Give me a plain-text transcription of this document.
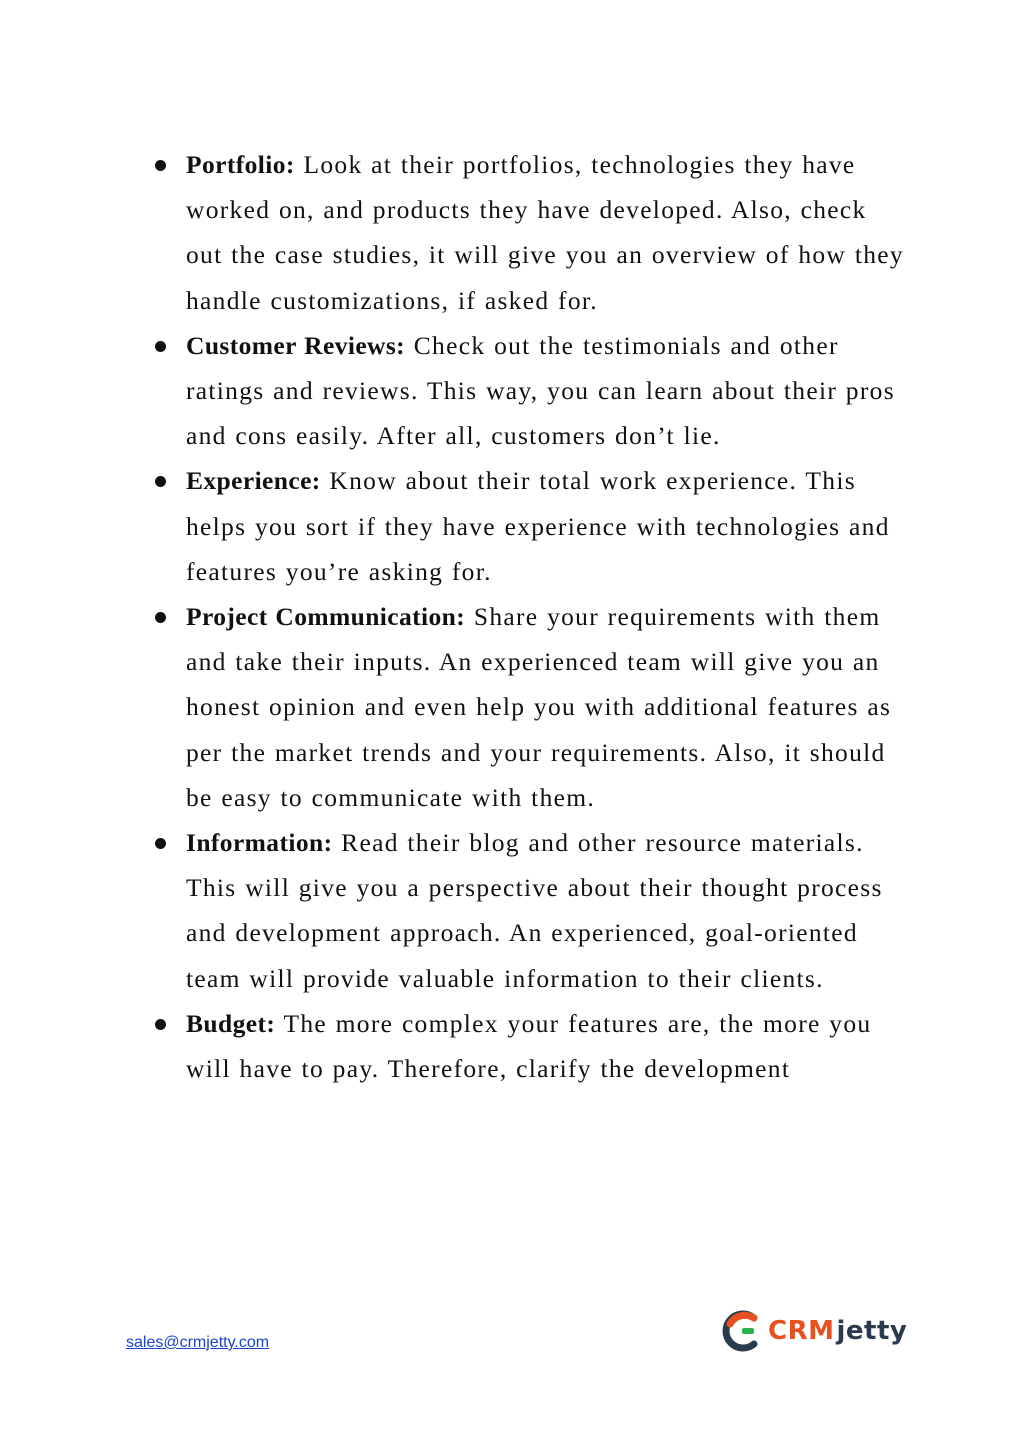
Portfolio: Look at their portfolios, technologies they have worked on, and products they have developed. Also, check out the case studies, it will give you an overview of how they handle customizations, if asked for.
Customer Reviews: Check out the testimonials and other ratings and reviews. This way, you can learn about their pros and cons easily. After all, customers don’t lie.
Experience: Know about their total work experience. This helps you sort if they have experience with technologies and features you’re asking for.
Project Communication: Share your requirements with them and take their inputs. An experienced team will give you an honest opinion and even help you with additional features as per the market trends and your requirements. Also, it should be easy to communicate with them.
Information: Read their blog and other resource materials. This will give you a perspective about their thought process and development approach. An experienced, goal-oriented team will provide valuable information to their clients.
Budget: The more complex your features are, the more you will have to pay. Therefore, clarify the development
sales@crmjetty.com	CRM jetty
